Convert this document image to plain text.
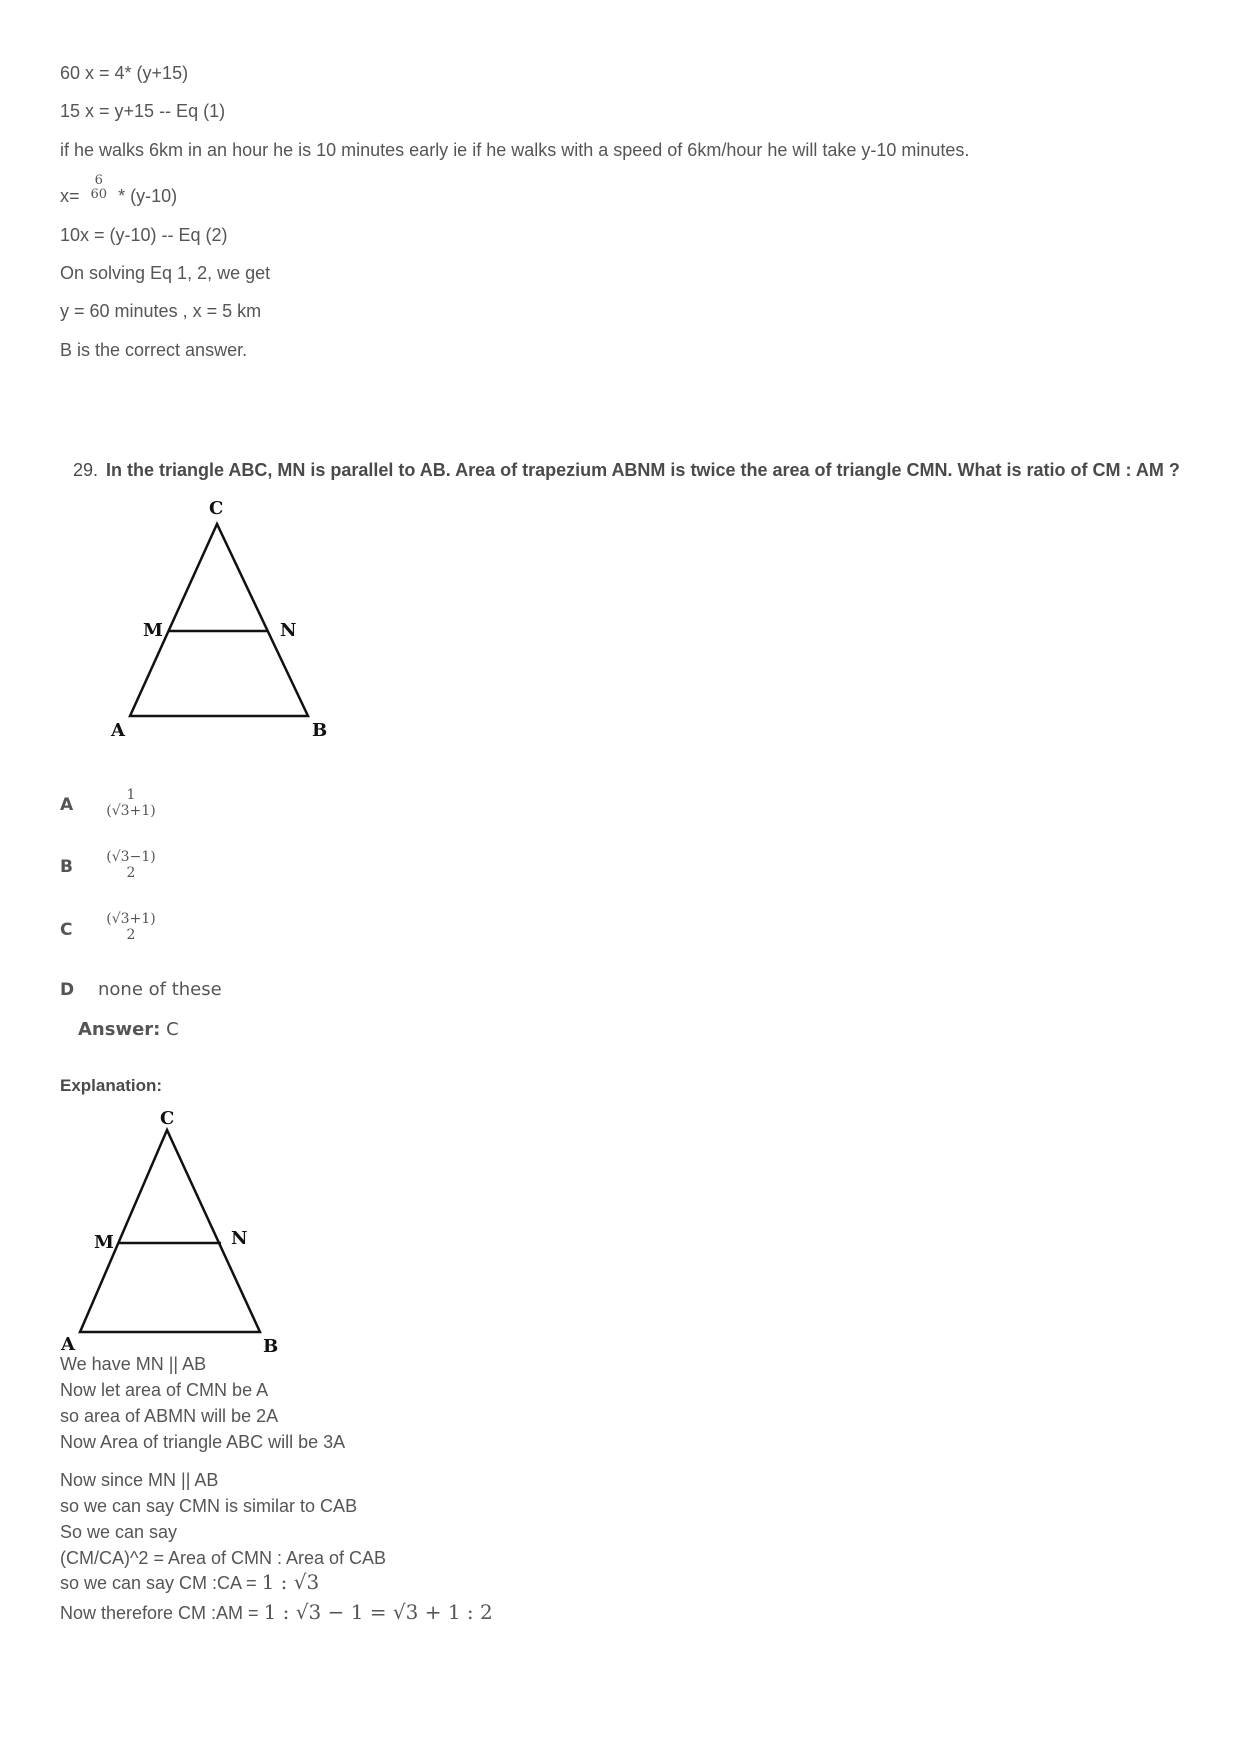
60 x = 4* (y+15)
15 x = y+15 -- Eq (1)
if he walks 6km in an hour he is 10 minutes early ie if he walks with a speed of 6km/hour he will take y-10 minutes.
x=
6
60 * (y-10)
10x = (y-10) -- Eq (2)
On solving Eq 1, 2, we get
y = 60 minutes , x = 5 km
B is the correct answer.
29. In the triangle ABC, MN is parallel to AB. Area of trapezium ABNM is twice the area of triangle CMN. What is ratio of CM : AM ?
C
M	N
A	B
A	1
(√3+1)
B	(√3−1)
2
C
(√3+1)
2
D none of these
Answer: C
Explanation:
C
M	N
A	B
We have MN || AB
Now let area of CMN be A
so area of ABMN will be 2A
Now Area of triangle ABC will be 3A
Now since MN || AB
so we can say CMN is similar to CAB
So we can say
(CM/CA)^2 = Area of CMN : Area of CAB
so we can say CM :CA = 1 : √3
Now therefore CM :AM = 1 : √3 − 1 = √3 + 1 : 2
